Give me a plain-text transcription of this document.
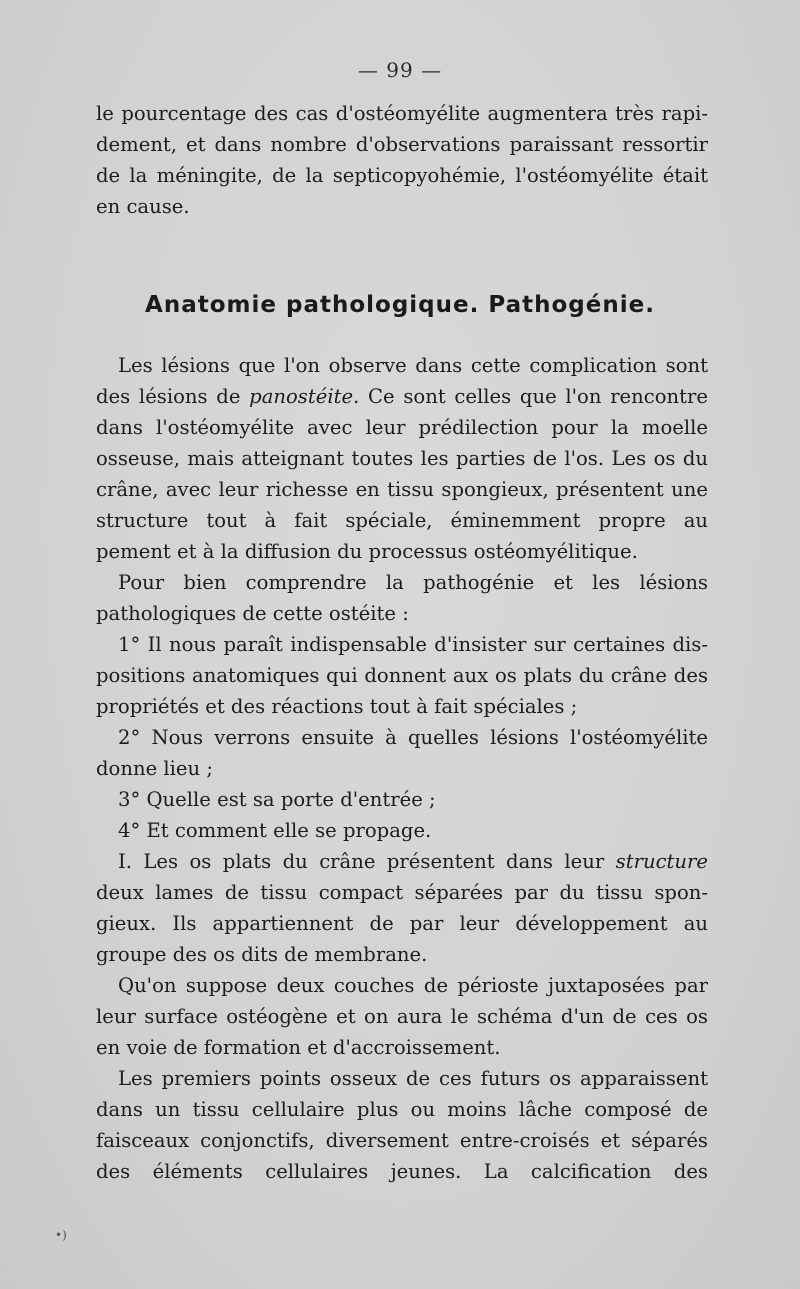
— 99 —
le pourcentage des cas d'ostéomyélite augmentera très rapi-
dement, et dans nombre d'observations paraissant ressortir
de la méningite, de la septicopyohémie, l'ostéomyélite était
en cause.
Anatomie pathologique. Pathogénie.
Les lésions que l'on observe dans cette complication sont
des lésions de panostéite. Ce sont celles que l'on rencontre
dans l'ostéomyélite avec leur prédilection pour la moelle
osseuse, mais atteignant toutes les parties de l'os. Les os du
crâne, avec leur richesse en tissu spongieux, présentent une
structure tout à fait spéciale, éminemment propre au
pement et à la diffusion du processus ostéomyélitique.
Pour bien comprendre la pathogénie et les lésions
pathologiques de cette ostéite :
1° Il nous paraît indispensable d'insister sur certaines dis-
positions anatomiques qui donnent aux os plats du crâne des
propriétés et des réactions tout à fait spéciales ;
2° Nous verrons ensuite à quelles lésions l'ostéomyélite
donne lieu ;
3° Quelle est sa porte d'entrée ;
4° Et comment elle se propage.
I. Les os plats du crâne présentent dans leur structure
deux lames de tissu compact séparées par du tissu spon-
gieux. Ils appartiennent de par leur développement au
groupe des os dits de membrane.
Qu'on suppose deux couches de périoste juxtaposées par
leur surface ostéogène et on aura le schéma d'un de ces os
en voie de formation et d'accroissement.
Les premiers points osseux de ces futurs os apparaissent
dans un tissu cellulaire plus ou moins lâche composé de
faisceaux conjonctifs, diversement entre-croisés et séparés
des éléments cellulaires jeunes. La calcification des
•)
